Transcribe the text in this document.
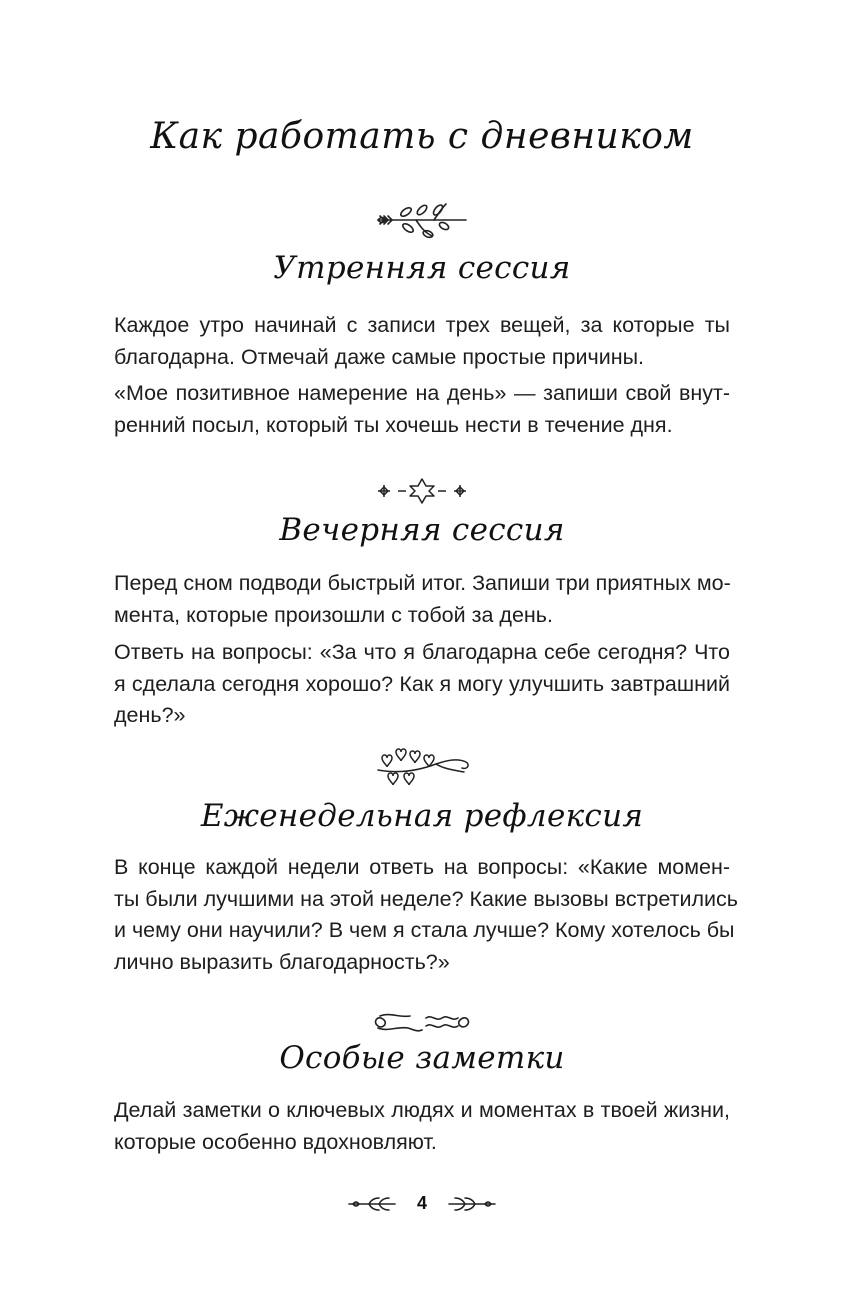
Как работать с дневником
Утренняя сессия
Каждое утро начинай с записи трех вещей, за которые ты
благодарна. Отмечай даже самые простые причины.
«Мое позитивное намерение на день» — запиши свой внут-
ренний посыл, который ты хочешь нести в течение дня.
Вечерняя сессия
Перед сном подводи быстрый итог. Запиши три приятных мо-
мента, которые произошли с тобой за день.
Ответь на вопросы: «За что я благодарна себе сегодня? Что
я сделала сегодня хорошо? Как я могу улучшить завтрашний
день?»
Еженедельная рефлексия
В конце каждой недели ответь на вопросы: «Какие момен-
ты были лучшими на этой неделе? Какие вызовы встретились
и чему они научили? В чем я стала лучше? Кому хотелось бы
лично выразить благодарность?»
Особые заметки
Делай заметки о ключевых людях и моментах в твоей жизни,
которые особенно вдохновляют.
4
